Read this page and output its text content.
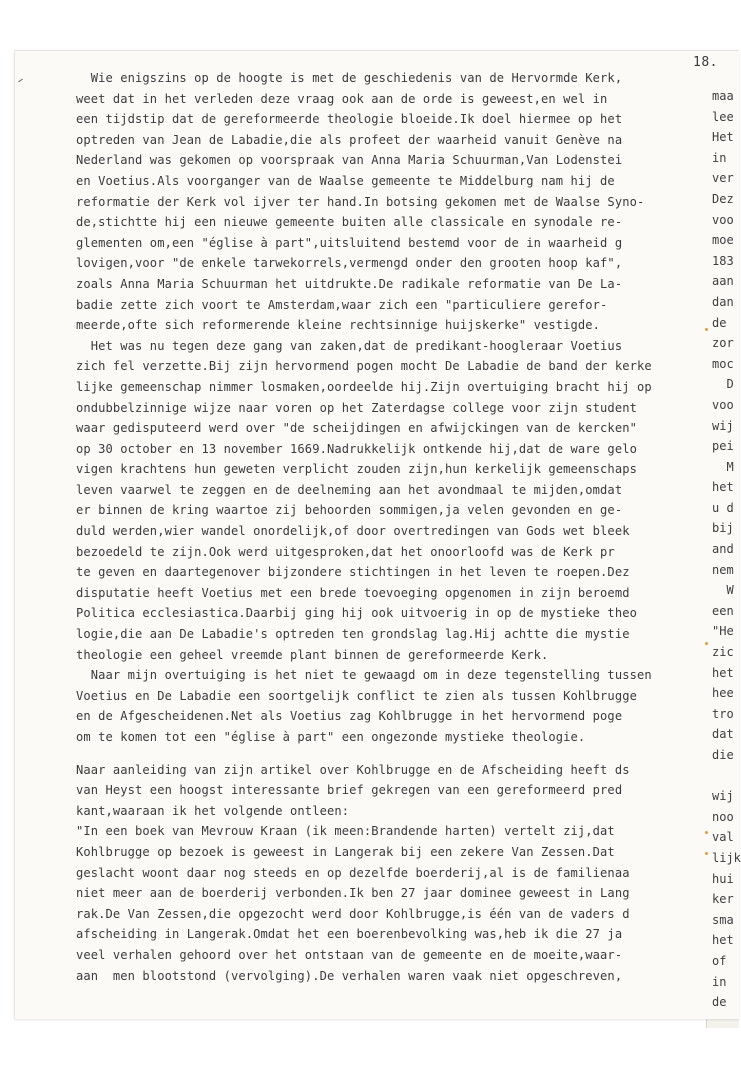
18.
Wie enigszins op de hoogte is met de geschiedenis van de Hervormde Kerk,
weet dat in het verleden deze vraag ook aan de orde is geweest,en wel in
een tijdstip dat de gereformeerde theologie bloeide.Ik doel hiermee op het
optreden van Jean de Labadie,die als profeet der waarheid vanuit Genève na
Nederland was gekomen op voorspraak van Anna Maria Schuurman,Van Lodenstei
en Voetius.Als voorganger van de Waalse gemeente te Middelburg nam hij de
reformatie der Kerk vol ijver ter hand.In botsing gekomen met de Waalse Syno-
de,stichtte hij een nieuwe gemeente buiten alle classicale en synodale re-
glementen om,een "église à part",uitsluitend bestemd voor de in waarheid g
lovigen,voor "de enkele tarwekorrels,vermengd onder den grooten hoop kaf",
zoals Anna Maria Schuurman het uitdrukte.De radikale reformatie van De La-
badie zette zich voort te Amsterdam,waar zich een "particuliere gerefor-
meerde,ofte sich reformerende kleine rechtsinnige huijskerke" vestigde.
Het was nu tegen deze gang van zaken,dat de predikant-hoogleraar Voetius
zich fel verzette.Bij zijn hervormend pogen mocht De Labadie de band der kerke
lijke gemeenschap nimmer losmaken,oordeelde hij.Zijn overtuiging bracht hij op
ondubbelzinnige wijze naar voren op het Zaterdagse college voor zijn student
waar gedisputeerd werd over "de scheijdingen en afwijckingen van de kercken"
op 30 october en 13 november 1669.Nadrukkelijk ontkende hij,dat de ware gelo
vigen krachtens hun geweten verplicht zouden zijn,hun kerkelijk gemeenschaps
leven vaarwel te zeggen en de deelneming aan het avondmaal te mijden,omdat
er binnen de kring waartoe zij behoorden sommigen,ja velen gevonden en ge-
duld werden,wier wandel onordelijk,of door overtredingen van Gods wet bleek
bezoedeld te zijn.Ook werd uitgesproken,dat het onoorloofd was de Kerk pr
te geven en daartegenover bijzondere stichtingen in het leven te roepen.Dez
disputatie heeft Voetius met een brede toevoeging opgenomen in zijn beroemd
Politica ecclesiastica.Daarbij ging hij ook uitvoerig in op de mystieke theo
logie,die aan De Labadie's optreden ten grondslag lag.Hij achtte die mystie
theologie een geheel vreemde plant binnen de gereformeerde Kerk.
Naar mijn overtuiging is het niet te gewaagd om in deze tegenstelling tussen
Voetius en De Labadie een soortgelijk conflict te zien als tussen Kohlbrugge
en de Afgescheidenen.Net als Voetius zag Kohlbrugge in het hervormend poge
om te komen tot een "église à part" een ongezonde mystieke theologie.
Naar aanleiding van zijn artikel over Kohlbrugge en de Afscheiding heeft ds
van Heyst een hoogst interessante brief gekregen van een gereformeerd pred
kant,waaraan ik het volgende ontleen:
"In een boek van Mevrouw Kraan (ik meen:Brandende harten) vertelt zij,dat
Kohlbrugge op bezoek is geweest in Langerak bij een zekere Van Zessen.Dat
geslacht woont daar nog steeds en op dezelfde boerderij,al is de familienaa
niet meer aan de boerderij verbonden.Ik ben 27 jaar dominee geweest in Lang
rak.De Van Zessen,die opgezocht werd door Kohlbrugge,is één van de vaders d
afscheiding in Langerak.Omdat het een boerenbevolking was,heb ik die 27 ja
veel verhalen gehoord over het ontstaan van de gemeente en de moeite,waar-
aan  men blootstond (vervolging).De verhalen waren vaak niet opgeschreven,
maa
lee
Het
in
ver
Dez
voo
moe
183
aan
dan
de
zor
moc
D
voo
wij
pei
M
het
u d
bij
and
nem
W
een
"He
zic
het
hee
tro
dat
die
wij
noo
val
lijk
hui
ker
sma
het
of
in
de
